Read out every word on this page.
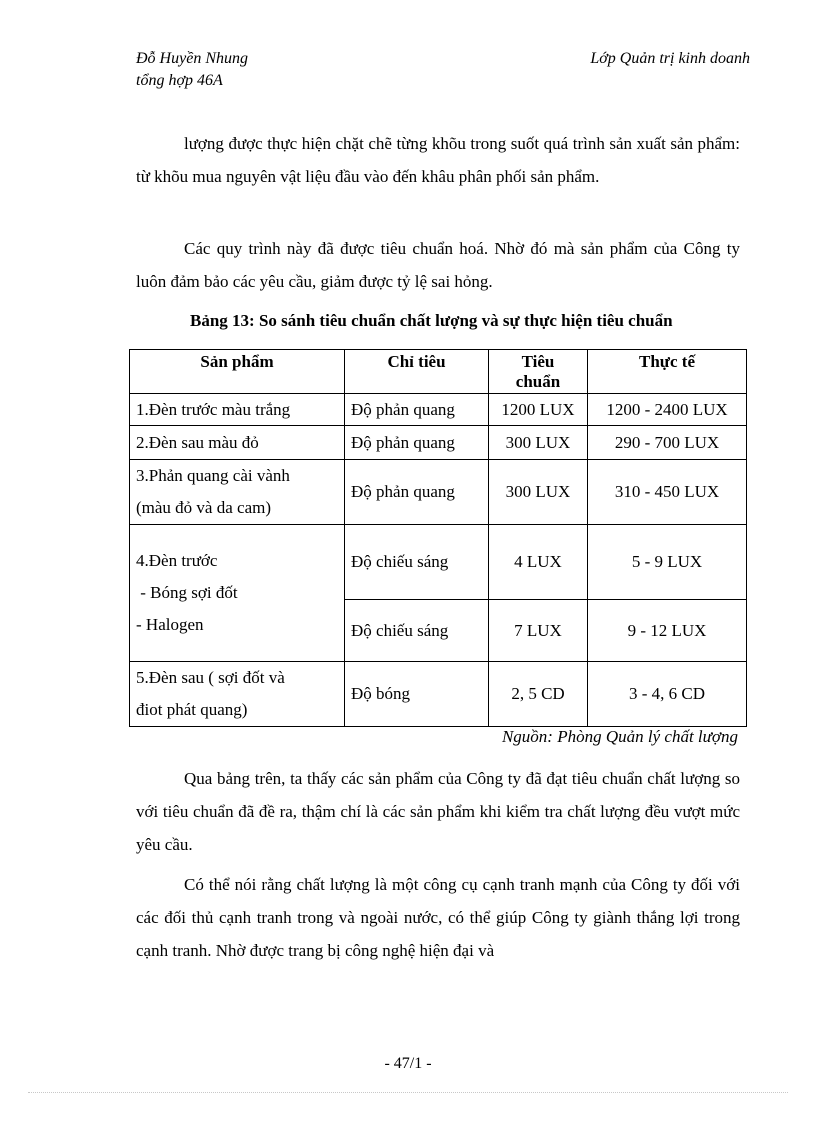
Đỗ Huyền Nhung
tổng hợp 46A
Lớp Quản trị kinh doanh

lượng được thực hiện chặt chẽ từng khõu trong suốt quá trình sản xuất sản phẩm: từ khõu mua nguyên vật liệu đầu vào đến khâu phân phối sản phẩm.

Các quy trình này đã được tiêu chuẩn hoá. Nhờ đó mà sản phẩm của Công ty luôn đảm bảo các yêu cầu, giảm được tỷ lệ sai hỏng.

Bảng 13: So sánh tiêu chuẩn chất lượng và sự thực hiện tiêu chuẩn
Sản phẩm	Chỉ tiêu	Tiêu chuẩn	Thực tế
1.Đèn trước màu trắng	Độ phản quang	1200 LUX	1200 - 2400 LUX
2.Đèn sau màu đỏ	Độ phản quang	300 LUX	290 - 700 LUX

3.Phản quang cài vành
(màu đỏ và da cam)	Độ phản quang	300 LUX	310 - 450 LUX

4.Đèn trước
- Bóng sợi đốt
- Halogen	Độ chiếu sáng	4 LUX	5 - 9 LUX
	Độ chiếu sáng	7 LUX	9 - 12 LUX

5.Đèn sau ( sợi đốt và
điot phát quang)	Độ bóng	2, 5 CD	3 - 4, 6 CD
Nguồn: Phòng Quản lý chất lượng

Qua bảng trên, ta thấy các sản phẩm của Công ty đã đạt tiêu chuẩn chất lượng so với tiêu chuẩn đã đề ra, thậm chí là các sản phẩm khi kiểm tra chất lượng đều vượt mức yêu cầu.

Có thể nói rằng chất lượng là một công cụ cạnh tranh mạnh của Công ty đối với các đối thủ cạnh tranh trong và ngoài nước, có thể giúp Công ty giành thắng lợi trong cạnh tranh. Nhờ được trang bị công nghệ hiện đại và

- 47/1 -
